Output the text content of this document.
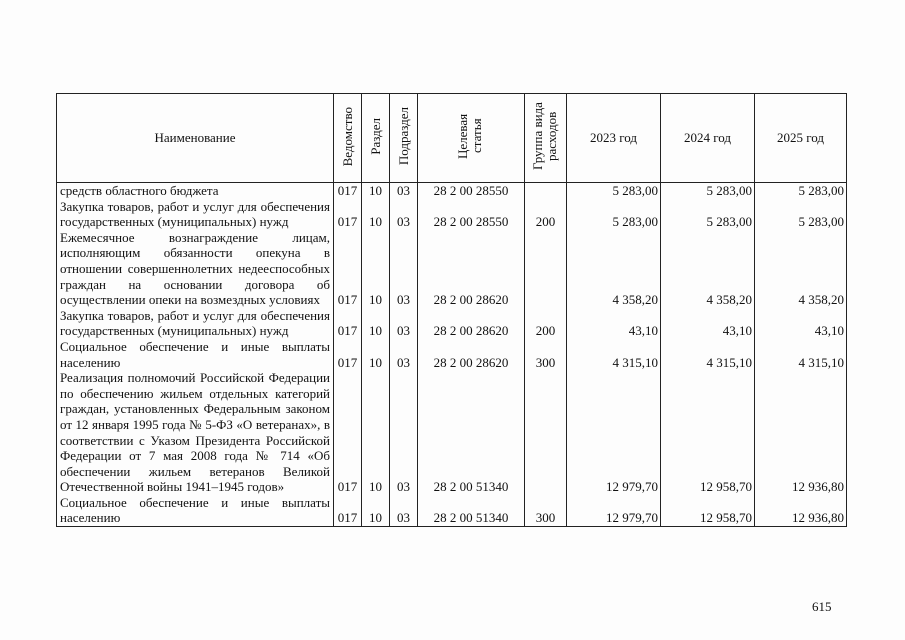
Наименование	Ведомство	Раздел	Подраздел	Целевая статья	Группа вида расходов	2023 год	2024 год	2025 год
средств областного бюджета	017	10	03	28 2 00 28550		5 283,00	5 283,00	5 283,00
Закупка товаров, работ и услуг для обеспечения государственных (муниципальных) нужд	017	10	03	28 2 00 28550	200	5 283,00	5 283,00	5 283,00
Ежемесячное вознаграждение лицам, исполняющим обязанности опекуна в отношении совершеннолетних недееспособных граждан на основании договора об осуществлении опеки на возмездных условиях	017	10	03	28 2 00 28620		4 358,20	4 358,20	4 358,20
Закупка товаров, работ и услуг для обеспечения государственных (муниципальных) нужд	017	10	03	28 2 00 28620	200	43,10	43,10	43,10
Социальное обеспечение и иные выплаты населению	017	10	03	28 2 00 28620	300	4 315,10	4 315,10	4 315,10
Реализация полномочий Российской Федерации по обеспечению жильем отдельных категорий граждан, установленных Федеральным законом от 12 января 1995 года № 5-ФЗ «О ветеранах», в соответствии с Указом Президента Российской Федерации от 7 мая 2008 года № 714 «Об обеспечении жильем ветеранов Великой Отечественной войны 1941–1945 годов»	017	10	03	28 2 00 51340		12 979,70	12 958,70	12 936,80
Социальное обеспечение и иные выплаты населению	017	10	03	28 2 00 51340	300	12 979,70	12 958,70	12 936,80
615
